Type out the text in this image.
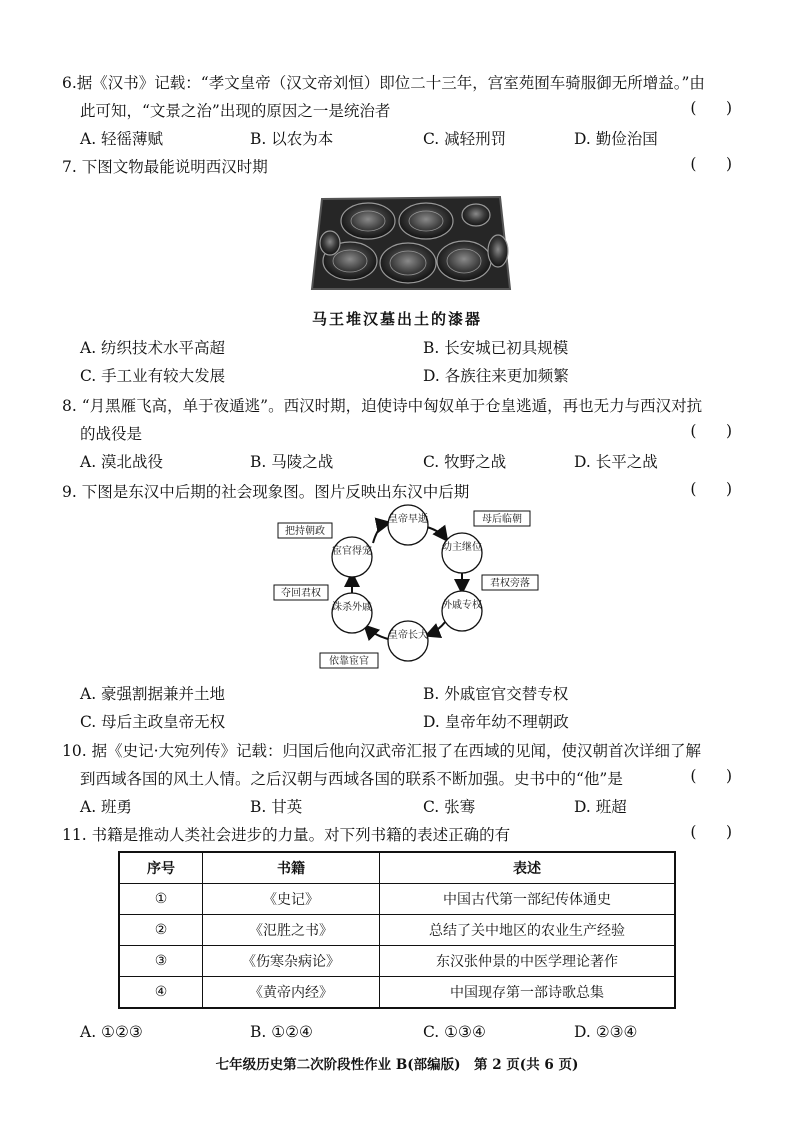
6.据《汉书》记载：“孝文皇帝（汉文帝刘恒）即位二十三年，宫室苑囿车骑服御无所增益。”由
此可知，“文景之治”出现的原因之一是统治者	(      )
A. 轻徭薄赋	B. 以农为本	C. 减轻刑罚	D. 勤俭治国
7. 下图文物最能说明西汉时期	(      )
马王堆汉墓出土的漆器
A. 纺织技术水平高超	B. 长安城已初具规模
C. 手工业有较大发展	D. 各族往来更加频繁
8. “月黑雁飞高，单于夜遁逃”。西汉时期，迫使诗中匈奴单于仓皇逃遁，再也无力与西汉对抗
的战役是	(      )
A. 漠北战役	B. 马陵之战	C. 牧野之战	D. 长平之战
9. 下图是东汉中后期的社会现象图。图片反映出东汉中后期	(      )
皇帝早逝
幼主继位
外戚专权
皇帝长大
诛杀外戚
宦官得宠
母后临朝
君权旁落
依靠宦官
夺回君权
把持朝政
A. 豪强割据兼并土地	B. 外戚宦官交替专权
C. 母后主政皇帝无权	D. 皇帝年幼不理朝政
10. 据《史记·大宛列传》记载：归国后他向汉武帝汇报了在西域的见闻，使汉朝首次详细了解
到西域各国的风土人情。之后汉朝与西域各国的联系不断加强。史书中的“他”是	(      )
A. 班勇	B. 甘英	C. 张骞	D. 班超
11. 书籍是推动人类社会进步的力量。对下列书籍的表述正确的有	(      )
序号	书籍	表述
①	《史记》	中国古代第一部纪传体通史
②	《氾胜之书》	总结了关中地区的农业生产经验
③	《伤寒杂病论》	东汉张仲景的中医学理论著作
④	《黄帝内经》	中国现存第一部诗歌总集
A. ①②③	B. ①②④	C. ①③④	D. ②③④
七年级历史第二次阶段性作业 B(部编版)　第 2 页(共 6 页)
